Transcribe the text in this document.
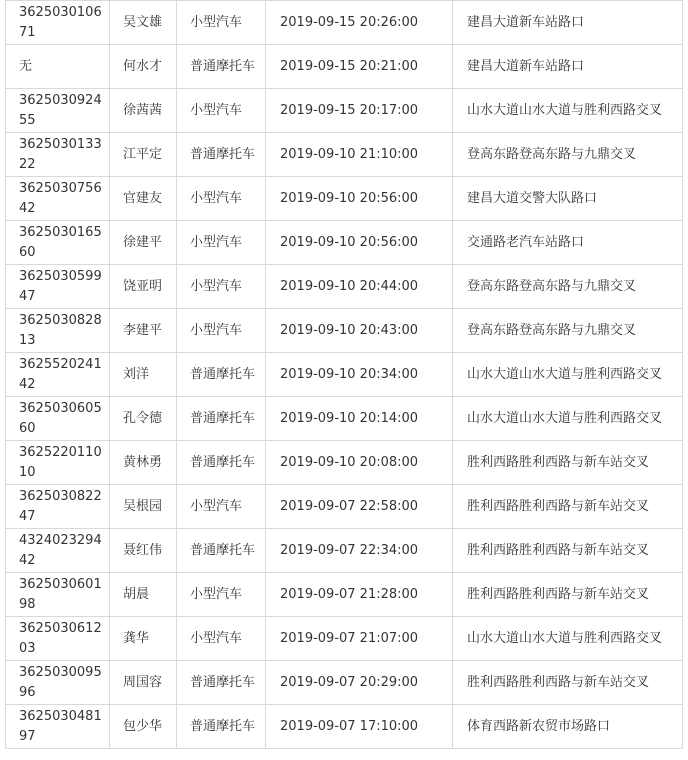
362503010671	吴文雄	小型汽车	2019-09-15 20:26:00	建昌大道新车站路口

无	何水才	普通摩托车	2019-09-15 20:21:00	建昌大道新车站路口

362503092455	徐茜茜	小型汽车	2019-09-15 20:17:00	山水大道山水大道与胜利西路交叉

362503013322	江平定	普通摩托车	2019-09-10 21:10:00	登高东路登高东路与九鼎交叉

362503075642	官建友	小型汽车	2019-09-10 20:56:00	建昌大道交警大队路口

362503016560	徐建平	小型汽车	2019-09-10 20:56:00	交通路老汽车站路口

362503059947	饶亚明	小型汽车	2019-09-10 20:44:00	登高东路登高东路与九鼎交叉

362503082813	李建平	小型汽车	2019-09-10 20:43:00	登高东路登高东路与九鼎交叉

362552024142	刘洋	普通摩托车	2019-09-10 20:34:00	山水大道山水大道与胜利西路交叉

362503060560	孔令德	普通摩托车	2019-09-10 20:14:00	山水大道山水大道与胜利西路交叉

362522011010	黄林勇	普通摩托车	2019-09-10 20:08:00	胜利西路胜利西路与新车站交叉

362503082247	吴根园	小型汽车	2019-09-07 22:58:00	胜利西路胜利西路与新车站交叉

432402329442	聂红伟	普通摩托车	2019-09-07 22:34:00	胜利西路胜利西路与新车站交叉

362503060198	胡晨	小型汽车	2019-09-07 21:28:00	胜利西路胜利西路与新车站交叉

362503061203	龚华	小型汽车	2019-09-07 21:07:00	山水大道山水大道与胜利西路交叉

362503009596	周国容	普通摩托车	2019-09-07 20:29:00	胜利西路胜利西路与新车站交叉

362503048197	包少华	普通摩托车	2019-09-07 17:10:00	体育西路新农贸市场路口
